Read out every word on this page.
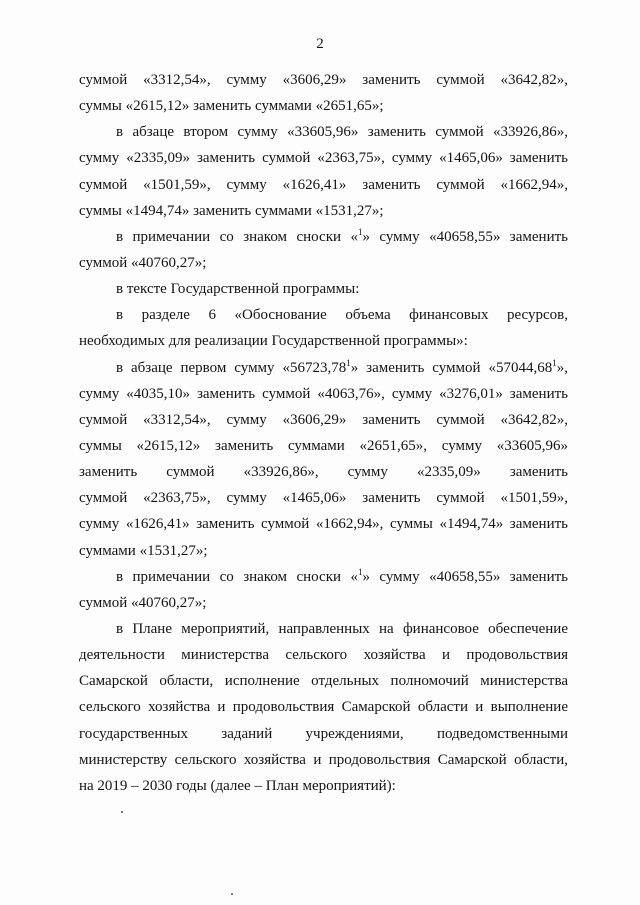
2
суммой «3312,54», сумму «3606,29» заменить суммой «3642,82»,
суммы «2615,12» заменить суммами «2651,65»;
в абзаце втором сумму «33605,96» заменить суммой «33926,86»,
сумму «2335,09» заменить суммой «2363,75», сумму «1465,06» заменить
суммой «1501,59», сумму «1626,41» заменить суммой «1662,94»,
суммы «1494,74» заменить суммами «1531,27»;
в примечании со знаком сноски «$^1$» сумму «40658,55» заменить
суммой «40760,27»;
в тексте Государственной программы:
в разделе 6 «Обоснование объема финансовых ресурсов,
необходимых для реализации Государственной программы»:
в абзаце первом сумму «56723,78$^1$» заменить суммой «57044,68$^1$»,
сумму «4035,10» заменить суммой «4063,76», сумму «3276,01» заменить
суммой «3312,54», сумму «3606,29» заменить суммой «3642,82»,
суммы «2615,12» заменить суммами «2651,65», сумму «33605,96»
заменить суммой «33926,86», сумму «2335,09» заменить
суммой «2363,75», сумму «1465,06» заменить суммой «1501,59»,
сумму «1626,41» заменить суммой «1662,94», суммы «1494,74» заменить
суммами «1531,27»;
в примечании со знаком сноски «$^1$» сумму «40658,55» заменить
суммой «40760,27»;
в Плане мероприятий, направленных на финансовое обеспечение
деятельности министерства сельского хозяйства и продовольствия
Самарской области, исполнение отдельных полномочий министерства
сельского хозяйства и продовольствия Самарской области и выполнение
государственных заданий учреждениями, подведомственными
министерству сельского хозяйства и продовольствия Самарской области,
на 2019 – 2030 годы (далее – План мероприятий):
